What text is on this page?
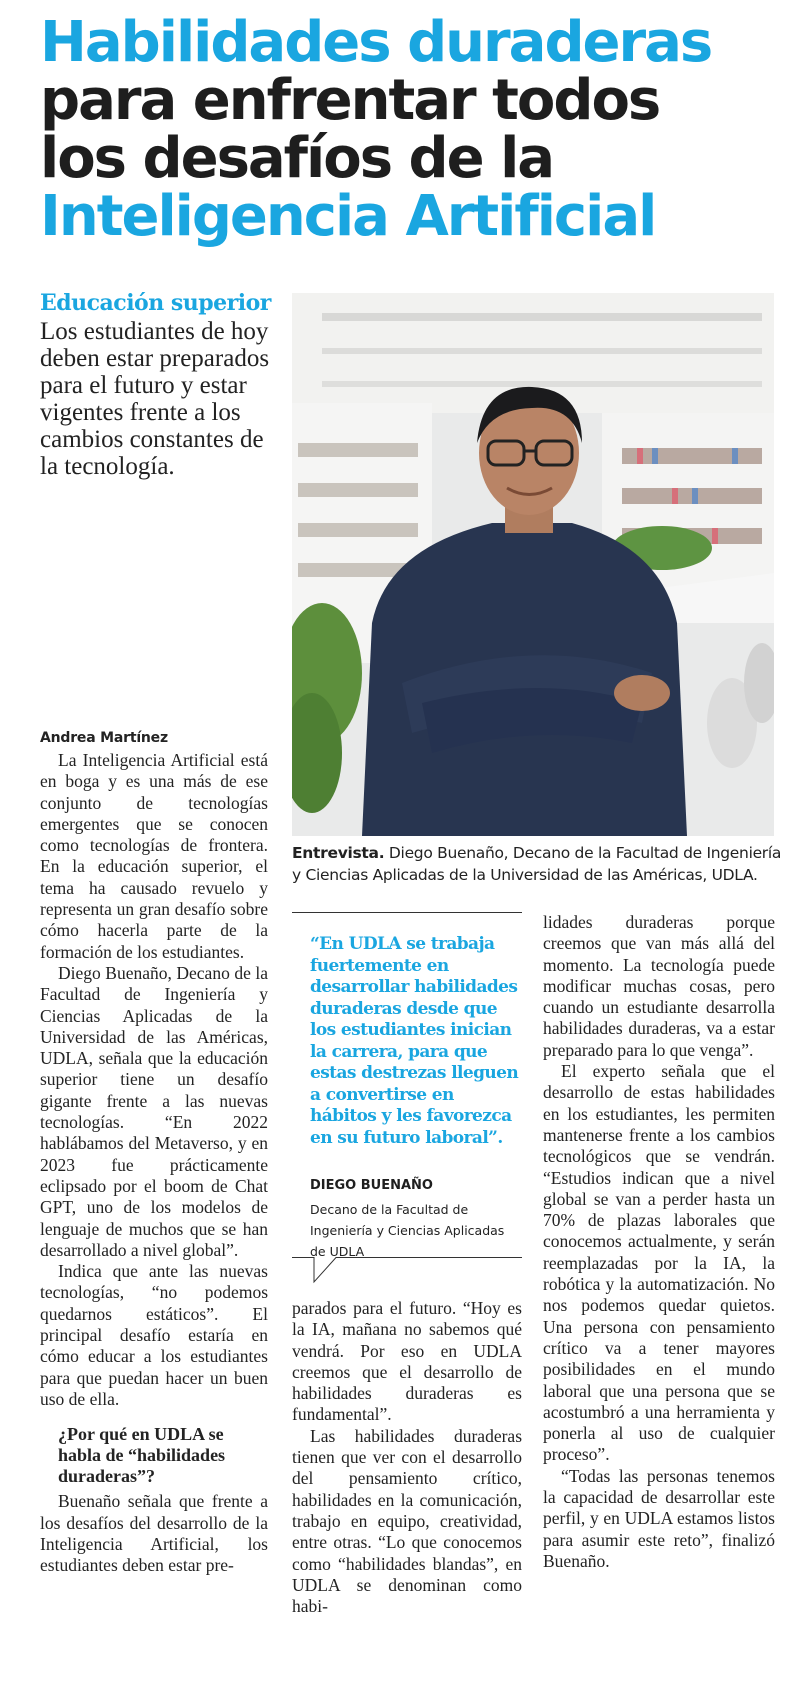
Habilidades duraderas
para enfrentar todos
los desafíos de la
Inteligencia Artificial
Educación superior
Los estudiantes de hoy deben estar preparados para el futuro y estar vigentes frente a los cambios constantes de la tecnología.
Entrevista. Diego Buenaño, Decano de la Facultad de Ingeniería y Ciencias Aplicadas de la Universidad de las Américas, UDLA.
Andrea Martínez

La Inteligencia Artificial está en boga y es una más de ese conjunto de tecnologías emergentes que se conocen como tecnologías de frontera. En la educación superior, el tema ha causado revuelo y representa un gran desafío sobre cómo hacerla parte de la formación de los estudiantes.

Diego Buenaño, Decano de la Facultad de Ingeniería y Ciencias Aplicadas de la Universidad de las Américas, UDLA, señala que la educación superior tiene un desafío gigante frente a las nuevas tecnologías. “En 2022 hablábamos del Metaverso, y en 2023 fue prácticamente eclipsado por el boom de Chat GPT, uno de los modelos de lenguaje de muchos que se han desarrollado a nivel global”.

Indica que ante las nuevas tecnologías, “no podemos quedarnos estáticos”. El principal desafío estaría en cómo educar a los estudiantes para que puedan hacer un buen uso de ella.

¿Por qué en UDLA se habla de “habilidades duraderas”?

Buenaño señala que frente a los desafíos del desarrollo de la Inteligencia Artificial, los estudiantes deben estar pre-

“En UDLA se trabaja fuertemente en desarrollar habilidades duraderas desde que los estudiantes inician la carrera, para que estas destrezas lleguen a convertirse en hábitos y les favorezca en su futuro laboral”.
DIEGO BUENAÑO
Decano de la Facultad de Ingeniería y Ciencias Aplicadas de UDLA

parados para el futuro. “Hoy es la IA, mañana no sabemos qué vendrá. Por eso en UDLA creemos que el desarrollo de habilidades duraderas es fundamental”.

Las habilidades duraderas tienen que ver con el desarrollo del pensamiento crítico, habilidades en la comunicación, trabajo en equipo, creatividad, entre otras. “Lo que conocemos como “habilidades blandas”, en UDLA se denominan como habi-

lidades duraderas porque creemos que van más allá del momento. La tecnología puede modificar muchas cosas, pero cuando un estudiante desarrolla habilidades duraderas, va a estar preparado para lo que venga”.

El experto señala que el desarrollo de estas habilidades en los estudiantes, les permiten mantenerse frente a los cambios tecnológicos que se vendrán. “Estudios indican que a nivel global se van a perder hasta un 70% de plazas laborales que conocemos actualmente, y serán reemplazadas por la IA, la robótica y la automatización. No nos podemos quedar quietos. Una persona con pensamiento crítico va a tener mayores posibilidades en el mundo laboral que una persona que se acostumbró a una herramienta y ponerla al uso de cualquier proceso”.

“Todas las personas tenemos la capacidad de desarrollar este perfil, y en UDLA estamos listos para asumir este reto”, finalizó Buenaño.
